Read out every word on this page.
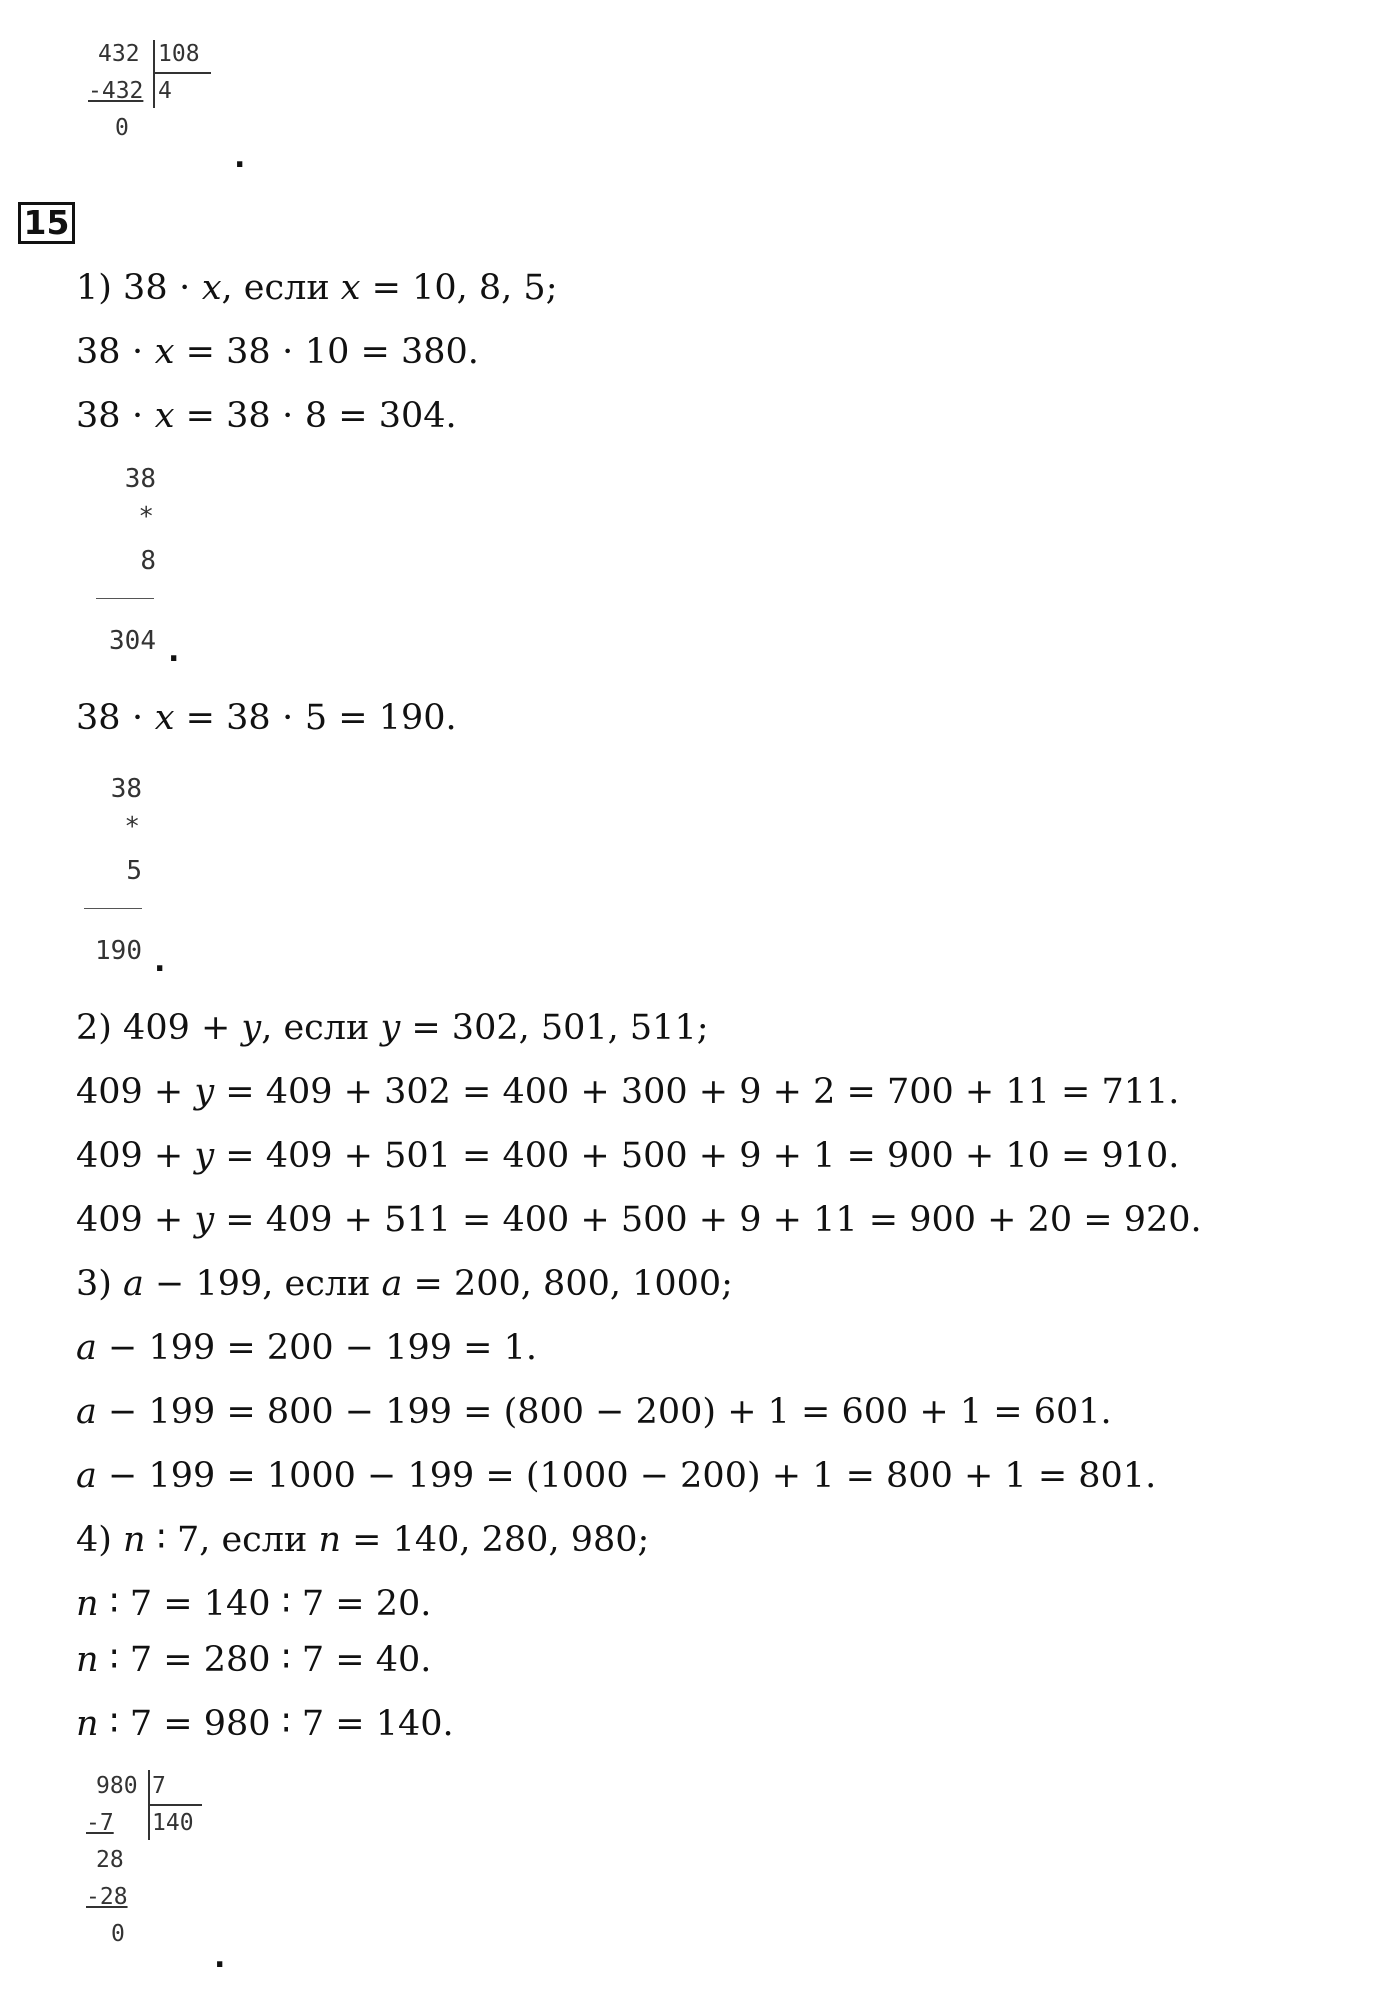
432 108
-432 4
0
.
15
1) 38 ⋅ 𝑥, если 𝑥 = 10, 8, 5;
38 ⋅ 𝑥 = 38 ⋅ 10 = 380.
38 ⋅ 𝑥 = 38 ⋅ 8 = 304.
38
*
8
304 .
38 ⋅ 𝑥 = 38 ⋅ 5 = 190.
38
*
5
190 .
2) 409 + 𝑦, если 𝑦 = 302, 501, 511;
409 + 𝑦 = 409 + 302 = 400 + 300 + 9 + 2 = 700 + 11 = 711.
409 + 𝑦 = 409 + 501 = 400 + 500 + 9 + 1 = 900 + 10 = 910.
409 + 𝑦 = 409 + 511 = 400 + 500 + 9 + 11 = 900 + 20 = 920.
3) 𝑎 − 199, если 𝑎 = 200, 800, 1000;
𝑎 − 199 = 200 − 199 = 1.
𝑎 − 199 = 800 − 199 = (800 − 200) + 1 = 600 + 1 = 601.
𝑎 − 199 = 1000 − 199 = (1000 − 200) + 1 = 800 + 1 = 801.
4) 𝑛 ∶ 7, если 𝑛 = 140, 280, 980;
𝑛 ∶ 7 = 140 ∶ 7 = 20.
𝑛 ∶ 7 = 280 ∶ 7 = 40.
𝑛 ∶ 7 = 980 ∶ 7 = 140.
980 7
-7 140
28
-28
0
.
